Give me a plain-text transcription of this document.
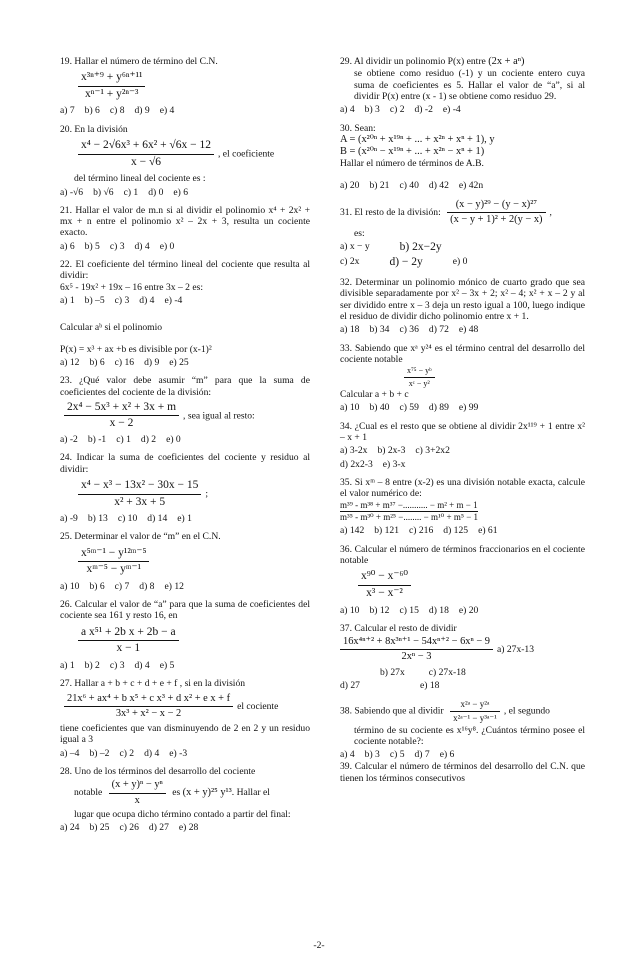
19. Hallar el número de término del C.N.

$\frac{\text{x³ⁿ⁺⁹ + y⁶ⁿ⁺¹¹}}{\text{xⁿ⁻¹ + y²ⁿ⁻³}}$
a) 7 b) 6 c) 8 d) 9 e) 4

20. En la división

$\frac{\text{x⁴ − 2√6x³ + 6x² + √6x − 12}}{x - √6}$ , el coeficiente

del término lineal del cociente es :

a) -√6 b) √6 c) 1 d) 0 e) 6

21. Hallar el valor de m.n si al dividir el polinomio x⁴ + 2x² + mx + n entre el polinomio x² – 2x + 3, resulta un cociente exacto.

a) 6 b) 5 c) 3 d) 4 e) 0

22. El coeficiente del término lineal del cociente que resulta al dividir:

6x⁵ - 19x² + 19x – 16 entre 3x – 2 es:

a) 1 b) –5 c) 3 d) 4 e) -4

Calcular aᵇ si el polinomio

P(x) = x³ + ax +b es divisible por (x-1)²

a) 12 b) 6 c) 16 d) 9 e) 25

23. ¿Qué valor debe asumir “m” para que la suma de coeficientes del cociente de la división:

$\frac{\text{2x⁴ − 5x³ + x² + 3x + m}}{x - 2}$ , sea igual al resto:
a) -2 b) -1 c) 1 d) 2 e) 0

24. Indicar la suma de coeficientes del cociente y residuo al dividir:

$\frac{\text{x⁴ − x³ − 13x² − 30x − 15}}{\text{x² + 3x + 5}}$ ;
a) -9 b) 13 c) 10 d) 14 e) 1

25. Determinar el valor de “m” en el C.N.

$\frac{\text{x⁵ᵐ⁻¹ − y¹²ᵐ⁻⁵}}{\text{xᵐ⁻⁵ − yᵐ⁻¹}}$
a) 10 b) 6 c) 7 d) 8 e) 12

26. Calcular el valor de “a” para que la suma de coeficientes del cociente sea 161 y resto 16, en

$\frac{\text{a x⁵¹ + 2b x + 2b − a}}{x - 1}$
a) 1 b) 2 c) 3 d) 4 e) 5

27. Hallar a + b + c + d + e + f , si en la división

$\frac{\text{21x⁶ + ax⁴ + b x⁵ + c x³ + d x² + e x + f}}{\text{3x³ + x² − x − 2}}$ el cociente

tiene coeficientes que van disminuyendo de 2 en 2 y un residuo igual a 3

a) –4 b) –2 c) 2 d) 4 e) -3

28. Uno de los términos del desarrollo del cociente

notable $\frac{\text{(x + y)ⁿ − yⁿ}}{x}$ es (x + y)²⁵ y¹³. Hallar el

lugar que ocupa dicho término contado a partir del final:

a) 24 b) 25 c) 26 d) 27 e) 28

29. Al dividir un polinomio P(x) entre (2x + aⁿ)

se obtiene como residuo (-1) y un cociente entero cuya suma de coeficientes es 5. Hallar el valor de “a”, si al dividir P(x) entre (x - 1) se obtiene como residuo 29.

a) 4 b) 3 c) 2 d) -2 e) -4

30. Sean:

A = (x²⁰ⁿ + x¹⁹ⁿ + ... + x²ⁿ + xⁿ + 1), y

B = (x²⁰ⁿ − x¹⁹ⁿ + ... + x²ⁿ − xⁿ + 1)

Hallar el número de términos de A.B.

a) 20 b) 21 c) 40 d) 42 e) 42n
31. El resto de la división: $\frac{\text{(x − y)²⁹ − (y − x)²⁷}}{\text{(x − y + 1)² + 2(y − x)}}$ ,

es:

a) x − y	b) 2x−2y
c) 2x	d) − 2y	e) 0

32. Determinar un polinomio mónico de cuarto grado que sea divisible separadamente por x² – 3x + 2; x² – 4; x² + x – 2 y al ser dividido entre x – 3 deja un resto igual a 100, luego indique el residuo de dividir dicho polinomio entre x + 1.

a) 18 b) 34 c) 36 d) 72 e) 48

33. Sabiendo que xᵃ y²⁴ es el término central del desarrollo del cociente notable

$\frac{\text{x⁷⁵ − yᵇ}}{\text{xᶜ − y²}}$

Calcular a + b + c

a) 10 b) 40 c) 59 d) 89 e) 99

34. ¿Cual es el resto que se obtiene al dividir 2x¹¹⁹ + 1 entre x² – x + 1

a) 3-2x b) 2x-3 c) 3+2x2
d) 2x2-3 e) 3-x

35. Si xᵐ – 8 entre (x-2) es una división notable exacta, calcule el valor numérico de:

$\frac{\text{m³⁹ - m³⁸ + m³⁷ −........... − m² + m − 1}}{\text{m³⁵ - m³⁰ + m²⁵ −........ − m¹⁰ + m⁵ − 1}}$
a) 142 b) 121 c) 216 d) 125 e) 61

36. Calcular el número de términos fraccionarios en el cociente notable

$\frac{\text{x⁹⁰ − x⁻⁶⁰}}{\text{x³ − x⁻²}}$
a) 10 b) 12 c) 15 d) 18 e) 20

37. Calcular el resto de dividir

$\frac{\text{16x⁴ⁿ⁺² + 8x³ⁿ⁺¹ − 54xⁿ⁺² − 6xⁿ − 9}}{\text{2xⁿ − 3}} a$) 27x-13
b) 27x	c) 27x-18
d) 27	e) 18
38. Sabiendo que al dividir $\frac{\text{x²ᵃ − y²ᵃ}}{\text{x²ᵃ⁻¹ − y³ᵃ⁻¹}}$ , el segundo

término de su cociente es x¹⁶y⁸. ¿Cuántos término posee el cociente notable?:

a) 4 b) 3 c) 5 d) 7 e) 6

39. Calcular el número de términos del desarrollo del C.N. que tienen los términos consecutivos

-2-
